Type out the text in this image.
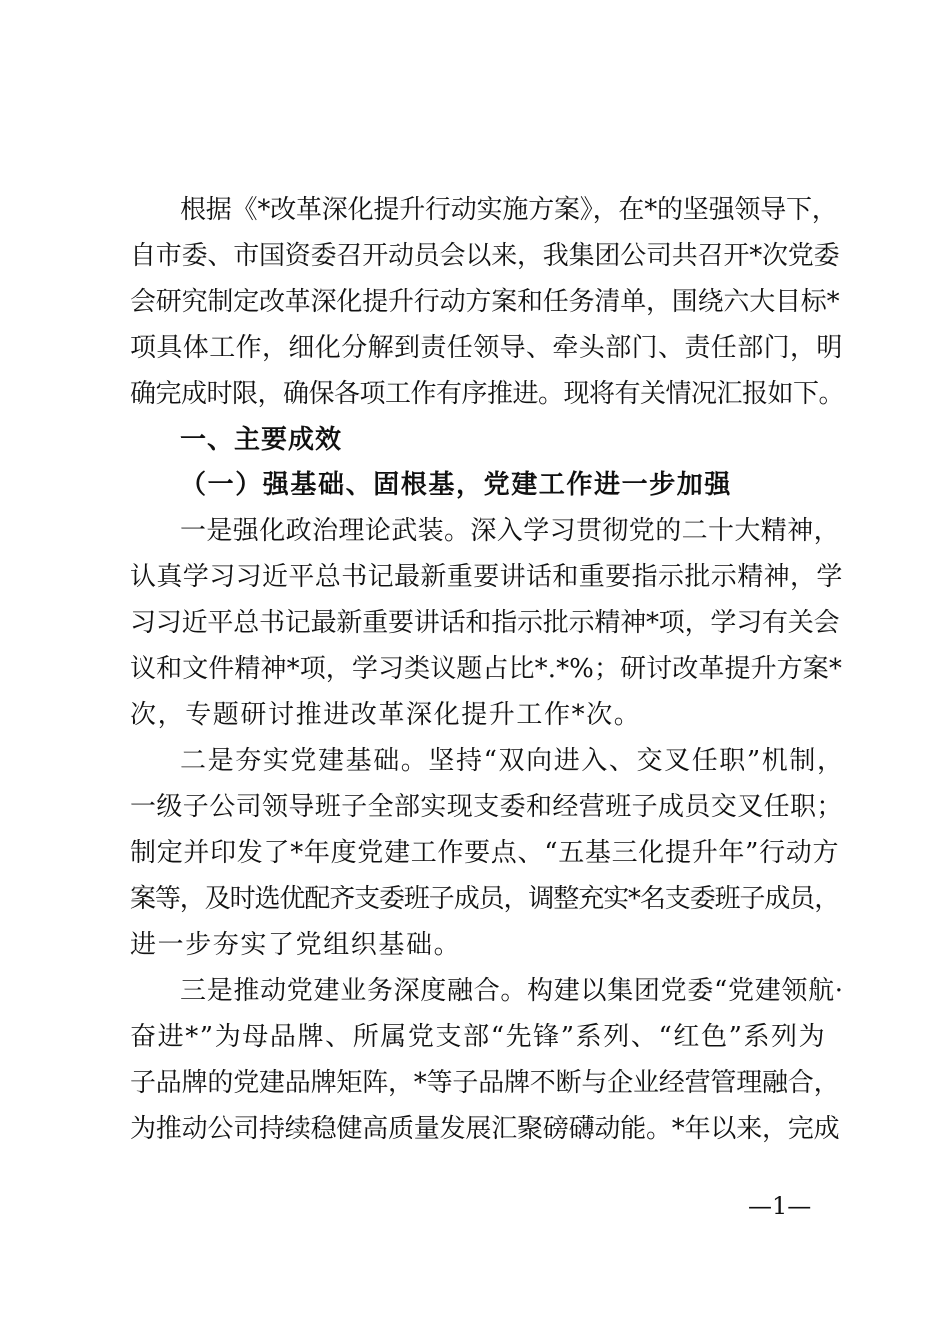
根据《*改革深化提升行动实施方案》，在*的坚强领导下，
自市委、市国资委召开动员会以来，我集团公司共召开*次党委
会研究制定改革深化提升行动方案和任务清单，围绕六大目标*
项具体工作，细化分解到责任领导、牵头部门、责任部门，明
确完成时限，确保各项工作有序推进。现将有关情况汇报如下。
一、主要成效
（一）强基础、固根基，党建工作进一步加强
一是强化政治理论武装。深入学习贯彻党的二十大精神，
认真学习习近平总书记最新重要讲话和重要指示批示精神，学
习习近平总书记最新重要讲话和指示批示精神*项，学习有关会
议和文件精神*项，学习类议题占比*.*%；研讨改革提升方案*
次，专题研讨推进改革深化提升工作*次。
二是夯实党建基础。坚持“双向进入、交叉任职”机制，
一级子公司领导班子全部实现支委和经营班子成员交叉任职；
制定并印发了*年度党建工作要点、“五基三化提升年”行动方
案等，及时选优配齐支委班子成员，调整充实*名支委班子成员，
进一步夯实了党组织基础。
三是推动党建业务深度融合。构建以集团党委“党建领航·
奋进*”为母品牌、所属党支部“先锋”系列、“红色”系列为
子品牌的党建品牌矩阵，*等子品牌不断与企业经营管理融合，
为推动公司持续稳健高质量发展汇聚磅礴动能。*年以来，完成
—1—
